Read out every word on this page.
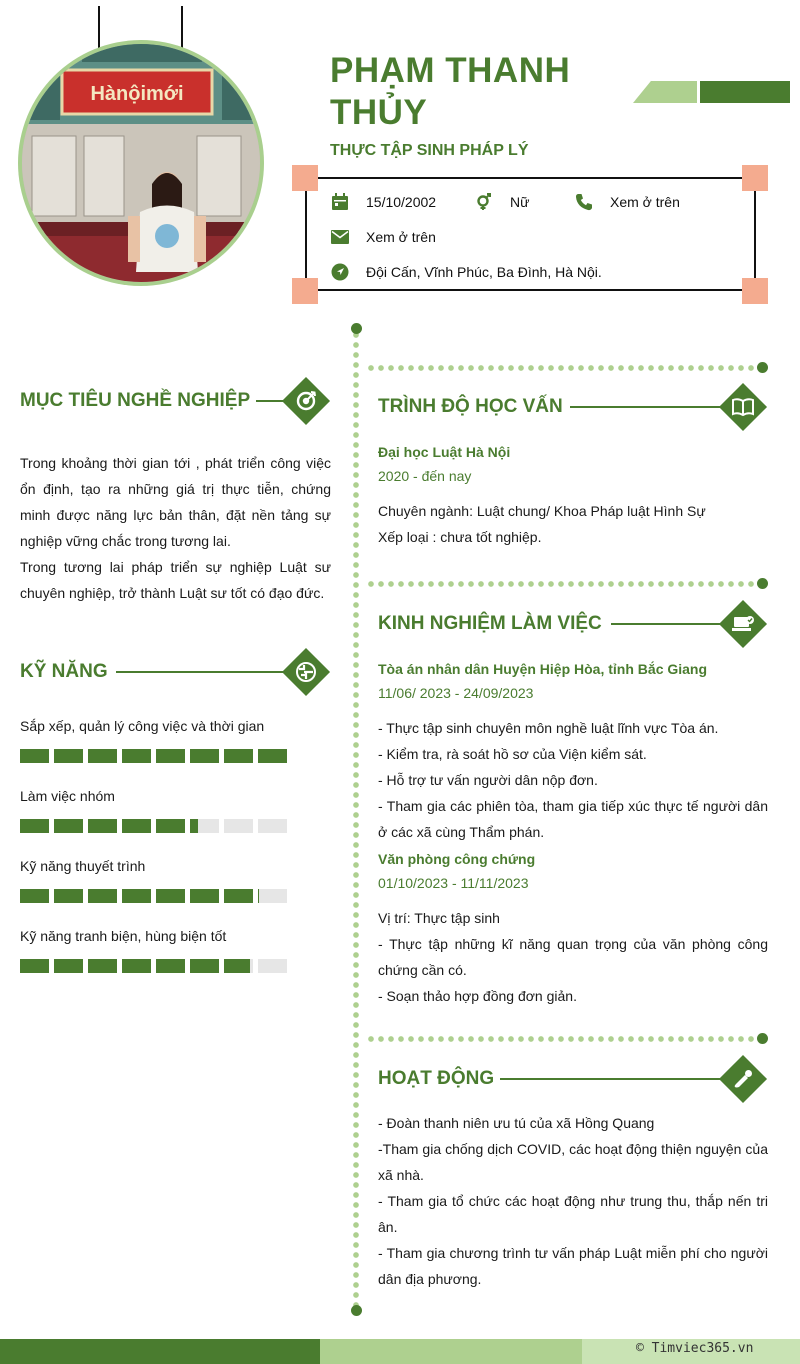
Hànộimới
PHẠM THANH
THỦY
THỰC TẬP SINH PHÁP LÝ
15/10/2002	Nữ	Xem ở trên
Xem ở trên
Đội Cấn, Vĩnh Phúc, Ba Đình, Hà Nội.
MỤC TIÊU NGHỀ NGHIỆP
Trong khoảng thời gian tới , phát triển công việc ổn định, tạo ra những giá trị thực tiễn, chứng minh được năng lực bản thân, đặt nền tảng sự nghiệp vững chắc trong tương lai.
Trong tương lai pháp triển sự nghiệp Luật sư chuyên nghiệp, trở thành Luật sư tốt có đạo đức.
KỸ NĂNG
Sắp xếp, quản lý công việc và thời gian
Làm việc nhóm
Kỹ năng thuyết trình
Kỹ năng tranh biện, hùng biện tốt
TRÌNH ĐỘ HỌC VẤN
Đại học Luật Hà Nội
2020 - đến nay
Chuyên ngành: Luật chung/ Khoa Pháp luật Hình Sự
Xếp loại : chưa tốt nghiệp.
KINH NGHIỆM LÀM VIỆC
Tòa án nhân dân Huyện Hiệp Hòa, tỉnh Bắc Giang
11/06/ 2023 - 24/09/2023
- Thực tập sinh chuyên môn nghề luật lĩnh vực Tòa án.
- Kiểm tra, rà soát hồ sơ của Viện kiểm sát.
- Hỗ trợ tư vấn người dân nộp đơn.
- Tham gia các phiên tòa, tham gia tiếp xúc thực tế người dân ở các xã cùng Thẩm phán.
Văn phòng công chứng
01/10/2023 - 11/11/2023
Vị trí: Thực tập sinh
- Thực tập những kĩ năng quan trọng của văn phòng công chứng cần có.
- Soạn thảo hợp đồng đơn giản.
HOẠT ĐỘNG
- Đoàn thanh niên ưu tú của xã Hồng Quang
-Tham gia chống dịch COVID, các hoạt động thiện nguyện của xã nhà.
- Tham gia tổ chức các hoạt động như trung thu, thắp nến tri ân.
- Tham gia chương trình tư vấn pháp Luật miễn phí cho người dân địa phương.
© Timviec365.vn
